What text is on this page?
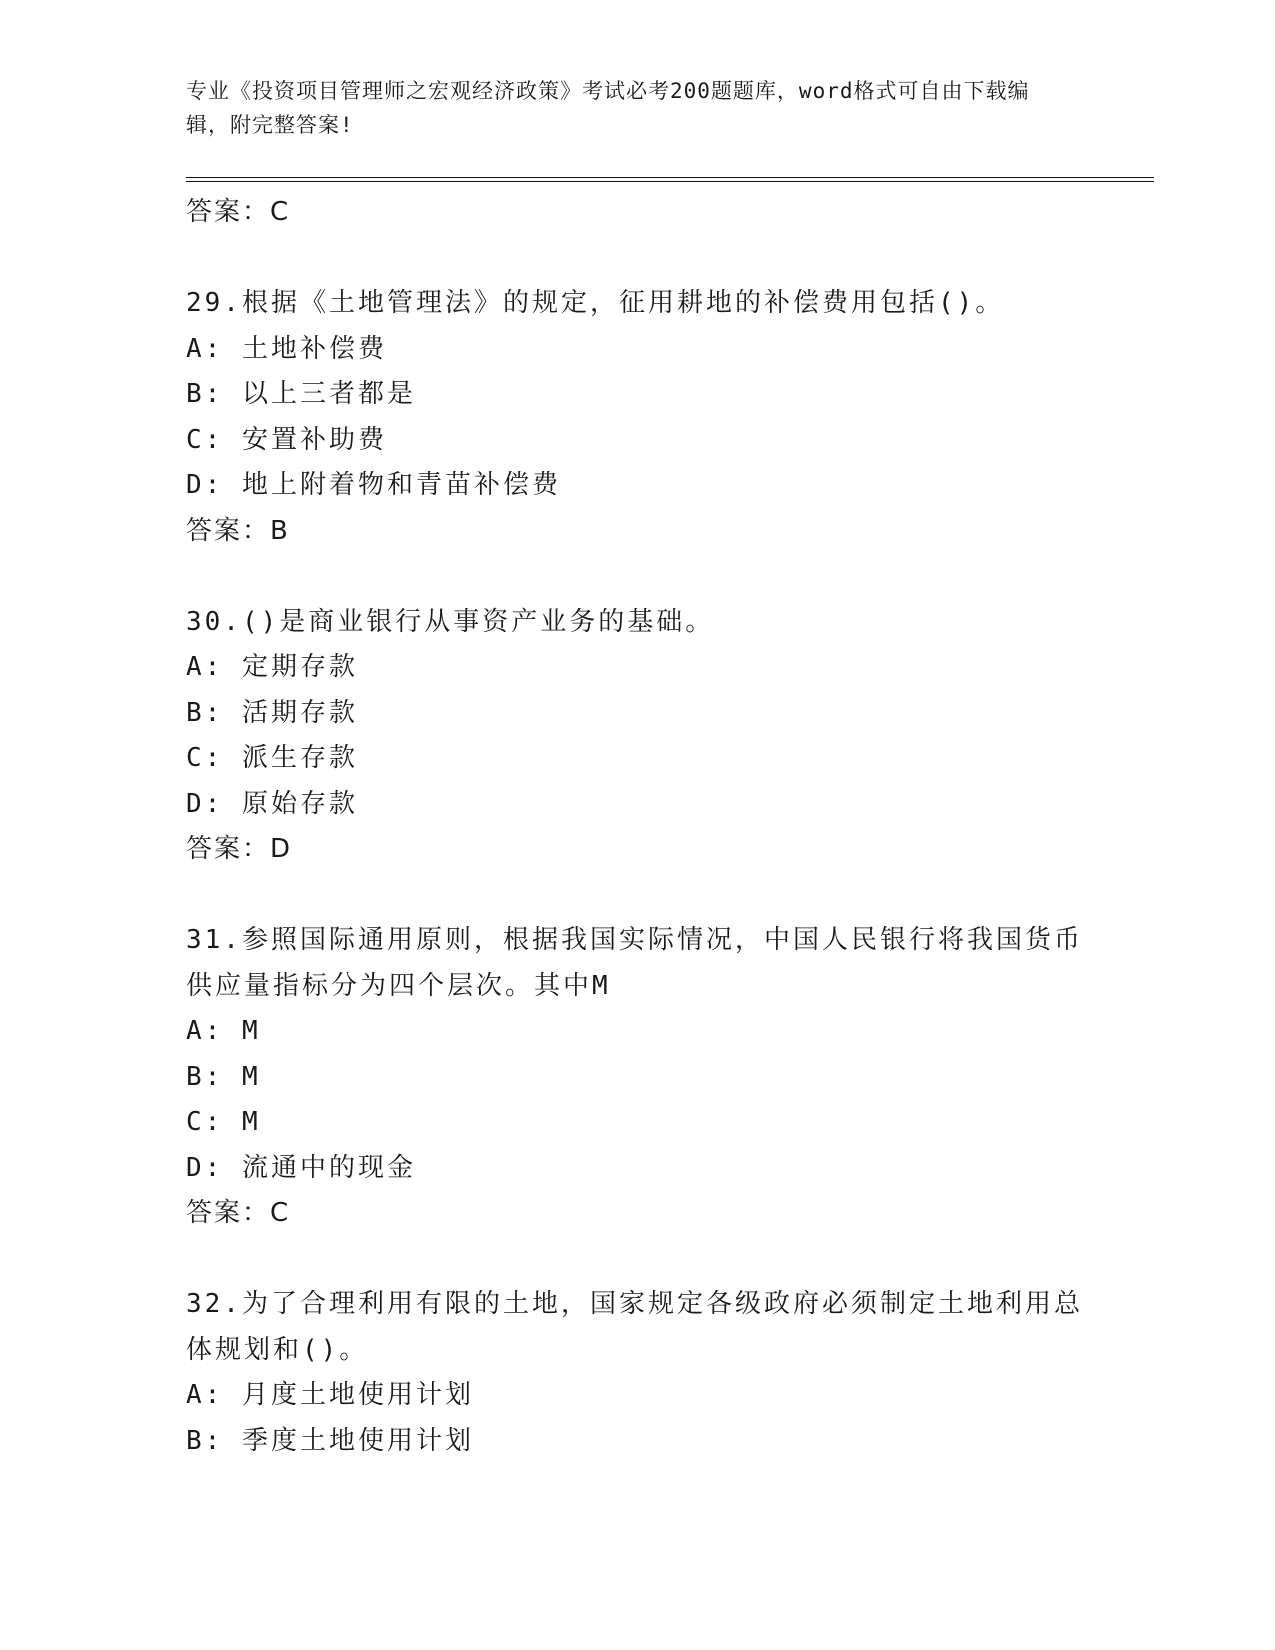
专业《投资项目管理师之宏观经济政策》考试必考200题题库，word格式可自由下载编辑，附完整答案!
答案：C
29.根据《土地管理法》的规定，征用耕地的补偿费用包括()。
A: 土地补偿费
B: 以上三者都是
C: 安置补助费
D: 地上附着物和青苗补偿费
答案：B
30.()是商业银行从事资产业务的基础。
A: 定期存款
B: 活期存款
C: 派生存款
D: 原始存款
答案：D
31.参照国际通用原则，根据我国实际情况，中国人民银行将我国货币
供应量指标分为四个层次。其中M
A: M
B: M
C: M
D: 流通中的现金
答案：C
32.为了合理利用有限的土地，国家规定各级政府必须制定土地利用总
体规划和()。
A: 月度土地使用计划
B: 季度土地使用计划
